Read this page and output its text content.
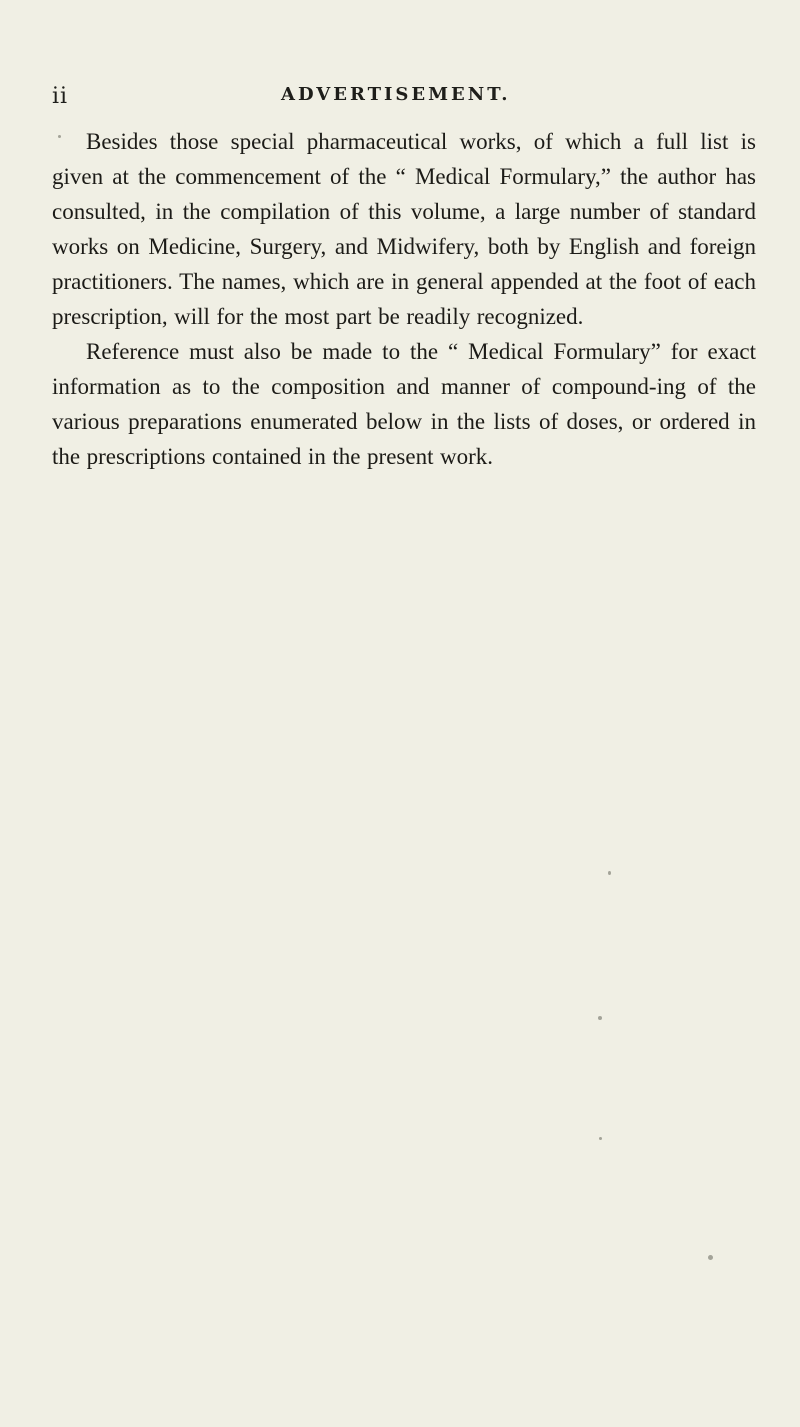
ii	ADVERTISEMENT.

Besides those special pharmaceutical works, of which a full list is given at the commencement of the “ Medical Formulary,” the author has consulted, in the compilation of this volume, a large number of standard works on Medicine, Surgery, and Midwifery, both by English and foreign practitioners. The names, which are in general appended at the foot of each prescription, will for the most part be readily recognized.

Reference must also be made to the “ Medical Formulary” for exact information as to the composition and manner of compound-ing of the various preparations enumerated below in the lists of doses, or ordered in the prescriptions contained in the present work.
